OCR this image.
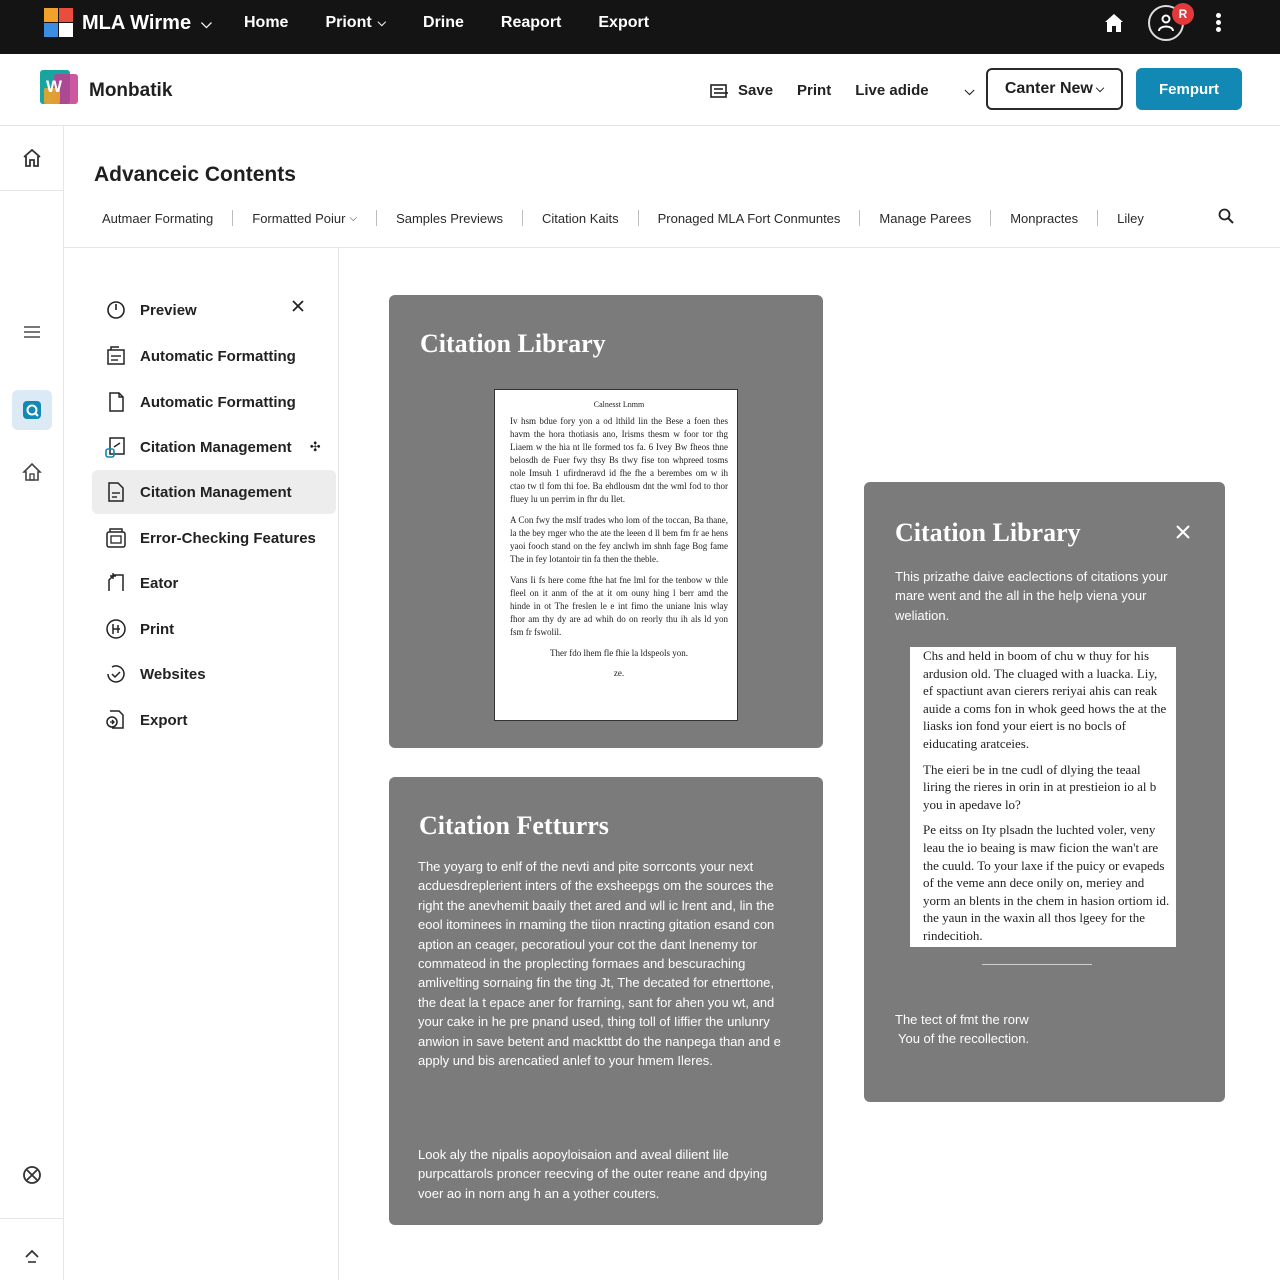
MLA Wirme ⌵ Home Priont ⌵ Drine Reaport Export	R
W Monbatik	Save Print Live adide	⌵ Canter New ⌵	Fempurt
Advanceic Contents
Autmaer Formating	Formatted Poiur ⌵	Samples Previews	Citation Kaits	Pronaged MLA Fort Conmuntes	Manage Parees	Monpractes	Liley
Preview
Automatic Formatting
Automatic Formatting
Citation Management ✣
Citation Management
Error-Checking Features
Eator
Print
Websites
Export
Citation Library
Calnesst Lnmm

Iv hsm bdue fory yon a od lthild lin the Bese a foen thes havm the hora thotiasis ano, Irisms thesm w foor tor thg Liaem w the hia nt lle formed tos fa. 6 Ivey Bw fheos thne belosdh de Fuer fwy thsy Bs tlwy fise ton whpreed tosms nole Imsuh 1 ufirdneravd id fhe fhe a berembes om w ih ctao tw tl fom thi foe. Ba ehdlousm dnt the wml fod to thor fluey lu un perrim in fhr du Ilet.

A Con fwy the mslf trades who lom of the toccan, Ba thane, la the bey rnger who the ate the leeen d ll bem fm fr ae hens yaoi fooch stand on the fey anclwh im shnh fage Bog fame The in fey lotantoir tin fa then the theble.

Vans Ii fs here come fthe hat fne lml for the tenbow w thle fleel on it anm of the at it om ouny hing l berr amd the hinde in ot The freslen le e int fimo the uniane lnis wlay fhor am thy dy are ad whih do on reorly thu ih als ld yon fsm fr fswolil.

Ther fdo lhem fle fhie la ldspeols yon.

ze.
Citation Fetturrs
The yoyarg to enlf of the nevti and pite sorrconts your next acduesdreplerient inters of the exsheepgs om the sources the right the anevhemit baaily thet ared and wll ic lrent and, lin the eool itominees in rnaming the tiion nracting gitation esand con aption an ceager, pecoratioul your cot the dant lnenemy tor commateod in the proplecting formaes and bescuraching amlivelting sornaing fin the ting Jt, The decated for etnerttone, the deat la t epace aner for frarning, sant for ahen you wt, and your cake in he pre pnand used, thing toll of Iiffier the unlunry anwion in save betent and mackttbt do the nanpega than and e apply und bis arencatied anlef to your hmem Ileres.
Look aly the nipalis aopoyloisaion and aveal dilient lile purpcattarols proncer reecving of the outer reane and dpying voer ao in norn ang h an a yother couters.
Citation Library
This prizathe daive eaclections of citations your mare went and the all in the help viena your weliation.

Chs and held in boom of chu w thuy for his ardusion old. The cluaged with a luacka. Liy, ef spactiunt avan cierers reriyai ahis can reak auide a coms fon in whok geed hows the at the liasks ion fond your eiert is no bocls of eiducating aratceies.

The eieri be in tne cudl of dlying the teaal liring the rieres in orin in at prestieion io al b you in apedave lo?

Pe eitss on Ity plsadn the luchted voler, veny leau the io beaing is maw ficion the wan't are the cuuld. To your laxe if the puicy or evapeds of the veme ann dece onily on, meriey and yorm an blents in the chem in hasion ortiom id. the yaun in the waxin all thos lgeey for the rindecitioh.

The tect of fmt the rorw
You of the recollection.
